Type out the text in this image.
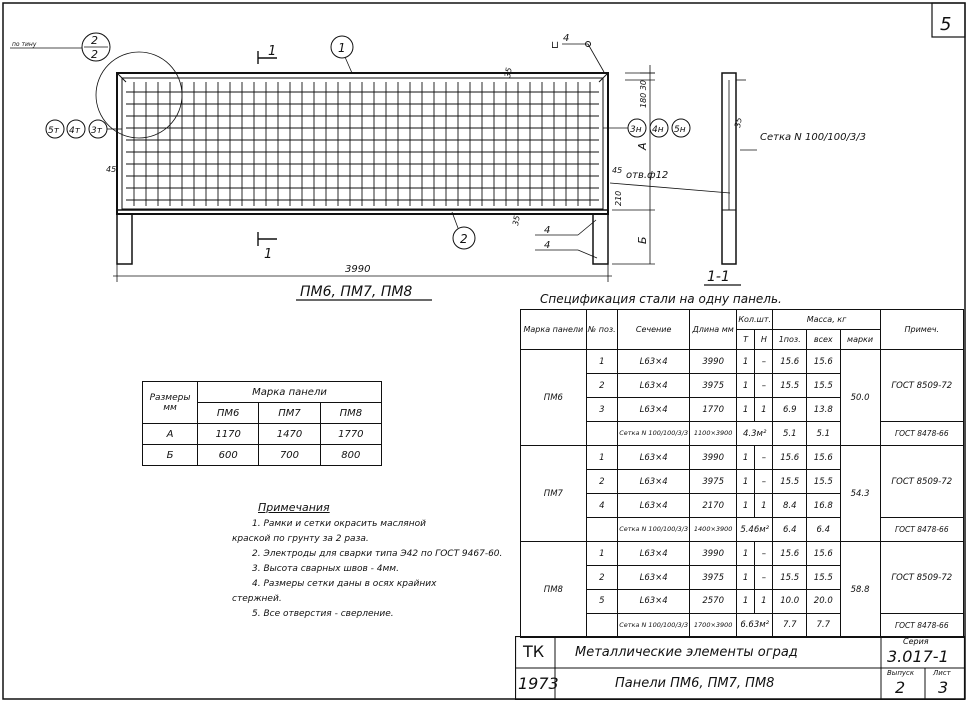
5
по тину	2
2	1
1
1
2
⊔
4
35
180 30
A
Б
210
отв.ф12
45
45
35
4
4
5т 4т 3т	3н 4н 5н
3990
ПМ6, ПМ7, ПМ8
35
Сетка N 100/100/3/3
1-1
Спецификация стали на одну панель.
Марка панели	№ поз.	Сечение	Длина мм	Кол.шт.		Масса, кг			Примеч.
				Т	Н	1поз.	всех	марки	
ПМ6	1	L63×4	3990	1	–	15.6	15.6	50.0	ГОСТ 8509-72
	2	L63×4	3975	1	–	15.5	15.5		
	3	L63×4	1770	1	1	6.9	13.8		
		Сетка N 100/100/3/3	1100×3900	4.3м²		5.1	5.1		ГОСТ 8478-66
ПМ7	1	L63×4	3990	1	–	15.6	15.6	54.3	ГОСТ 8509-72
	2	L63×4	3975	1	–	15.5	15.5		
	4	L63×4	2170	1	1	8.4	16.8		
		Сетка N 100/100/3/3	1400×3900	5.46м²		6.4	6.4		ГОСТ 8478-66
ПМ8	1	L63×4	3990	1	–	15.6	15.6	58.8	ГОСТ 8509-72
	2	L63×4	3975	1	–	15.5	15.5		
	5	L63×4	2570	1	1	10.0	20.0		
		Сетка N 100/100/3/3	1700×3900	6.63м²		7.7	7.7		ГОСТ 8478-66
Размеры мм	Марка панели		
	ПМ6	ПМ7	ПМ8
А	1170	1470	1770
Б	600	700	800
Примечания
1. Рамки и сетки окрасить масляной
краской по грунту за 2 раза.
2. Электроды для сварки типа Э42 по ГОСТ 9467-60.
3. Высота сварных швов - 4мм.
4. Размеры сетки даны в осях крайних
стержней.
5. Все отверстия - сверление.
ТК
1973
Металлические элементы оград
Панели ПМ6, ПМ7, ПМ8
Серия
3.017-1
Выпуск
2
Лист
3
